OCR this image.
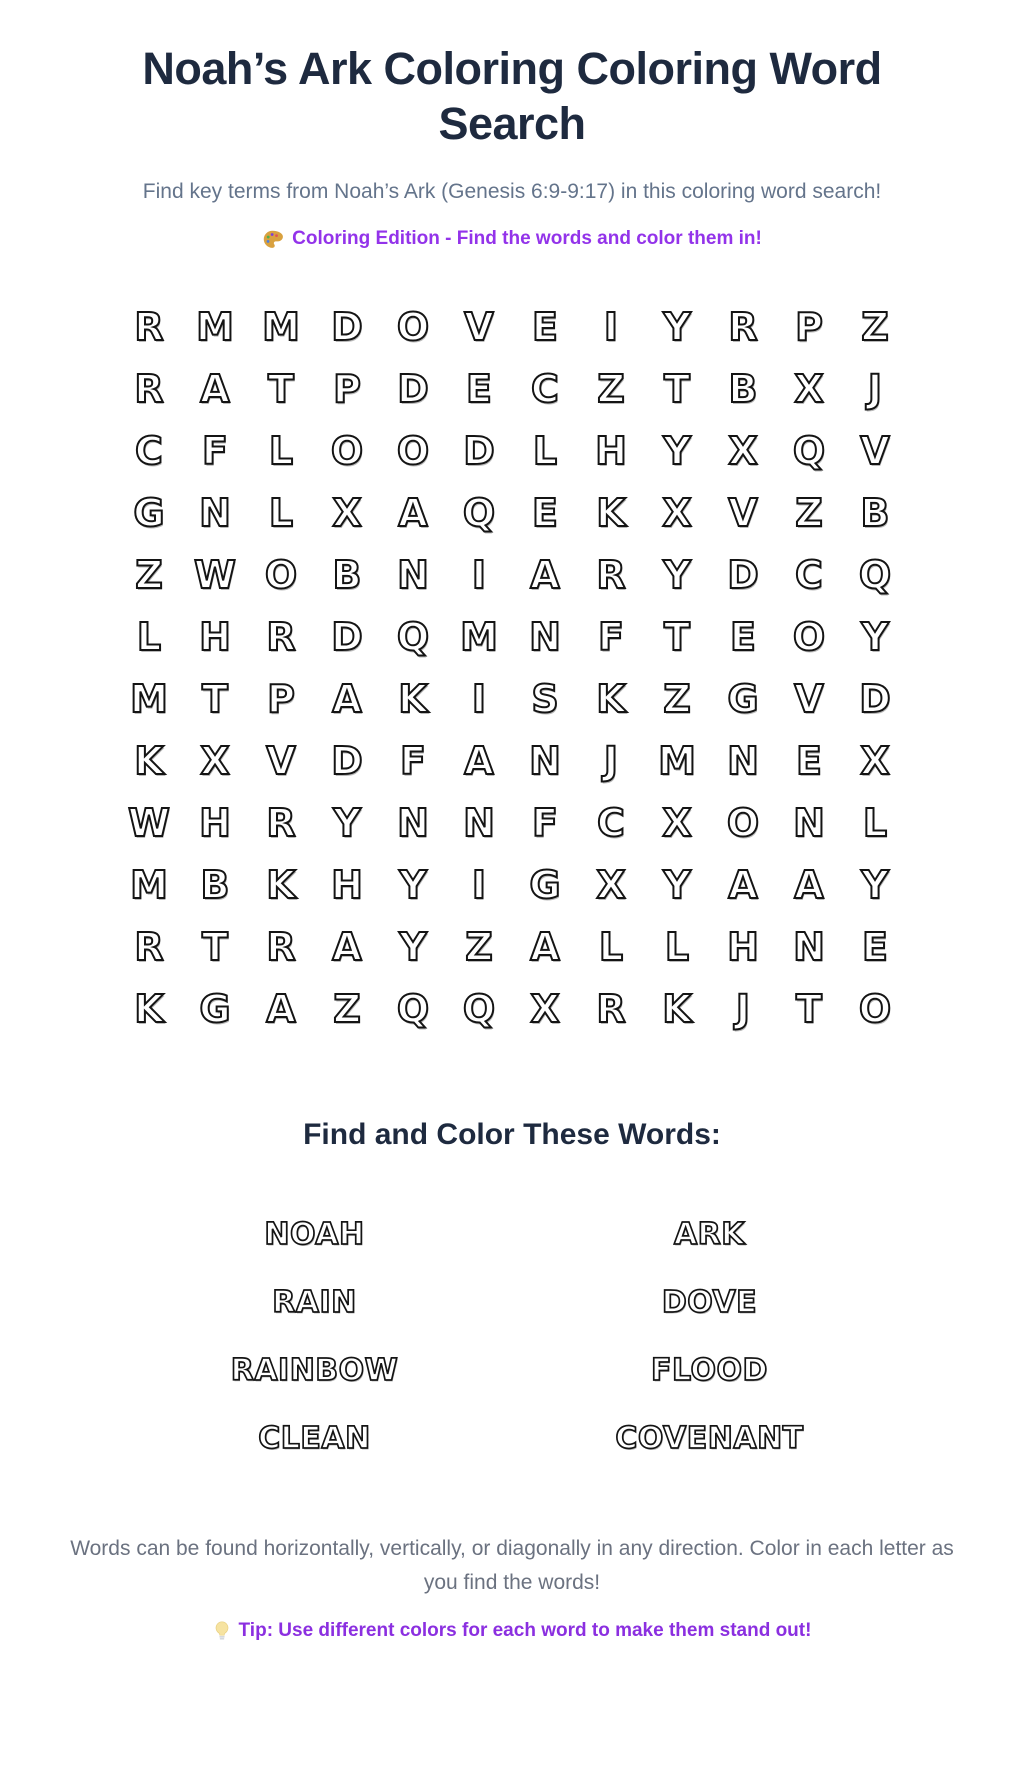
Noah’s Ark Coloring Coloring Word Search

Find key terms from Noah’s Ark (Genesis 6:9-9:17) in this coloring word search!

Coloring Edition - Find the words and color them in!

R M M D O V	E	I	Y R P	Z
R A	T	P D E	C	Z	T	B X	J
C	F	L O O D	L H Y X Q V
G N L	X A Q E	K X V Z B
Z W O B N	I	A R Y D C Q
L H R D Q M N F	T	E O Y
M T	P A K	I	S K Z G V D
K X V D F	A N	J	M N E	X
W H R Y N N F	C X O N L
M B K H Y	I	G X Y A A Y
R	T	R A Y	Z A	L	L H N E
K G A Z Q Q X R K	J	T O
Find and Color These Words:
NOAH	ARK
RAIN	DOVE
RAINBOW	FLOOD
CLEAN	COVENANT

Words can be found horizontally, vertically, or diagonally in any direction. Color in each letter as you find the words!

Tip: Use different colors for each word to make them stand out!
